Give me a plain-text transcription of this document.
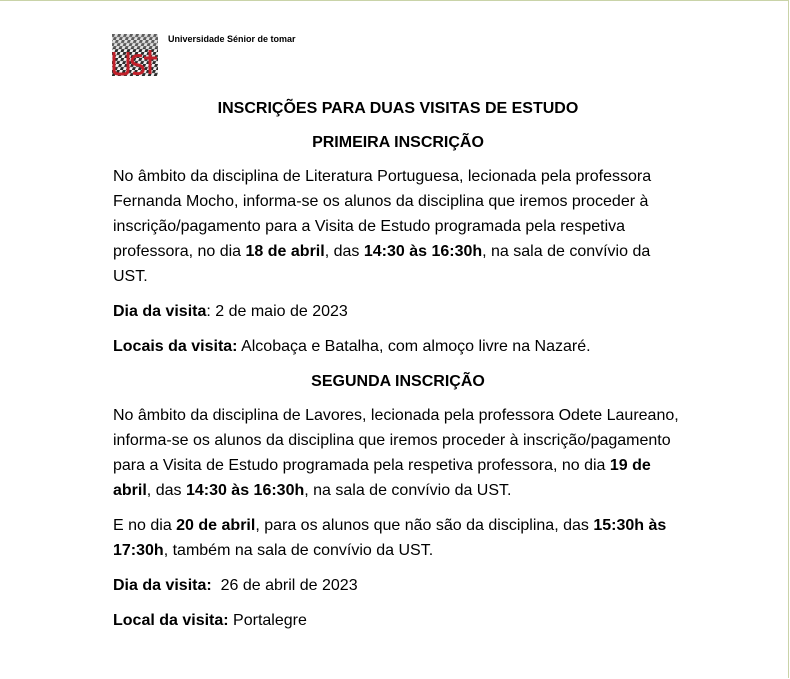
Universidade Sénior de tomar
INSCRIÇÕES PARA DUAS VISITAS DE ESTUDO
PRIMEIRA INSCRIÇÃO

No âmbito da disciplina de Literatura Portuguesa, lecionada pela professora Fernanda Mocho, informa-se os alunos da disciplina que iremos proceder à inscrição/pagamento para a Visita de Estudo programada pela respetiva professora, no dia 18 de abril, das 14:30 às 16:30h, na sala de convívio da UST.

Dia da visita: 2 de maio de 2023

Locais da visita: Alcobaça e Batalha, com almoço livre na Nazaré.

SEGUNDA INSCRIÇÃO

No âmbito da disciplina de Lavores, lecionada pela professora Odete Laureano, informa-se os alunos da disciplina que iremos proceder à inscrição/pagamento para a Visita de Estudo programada pela respetiva professora, no dia 19 de abril, das 14:30 às 16:30h, na sala de convívio da UST.

E no dia 20 de abril, para os alunos que não são da disciplina, das 15:30h às 17:30h, também na sala de convívio da UST.

Dia da visita:  26 de abril de 2023

Local da visita: Portalegre
